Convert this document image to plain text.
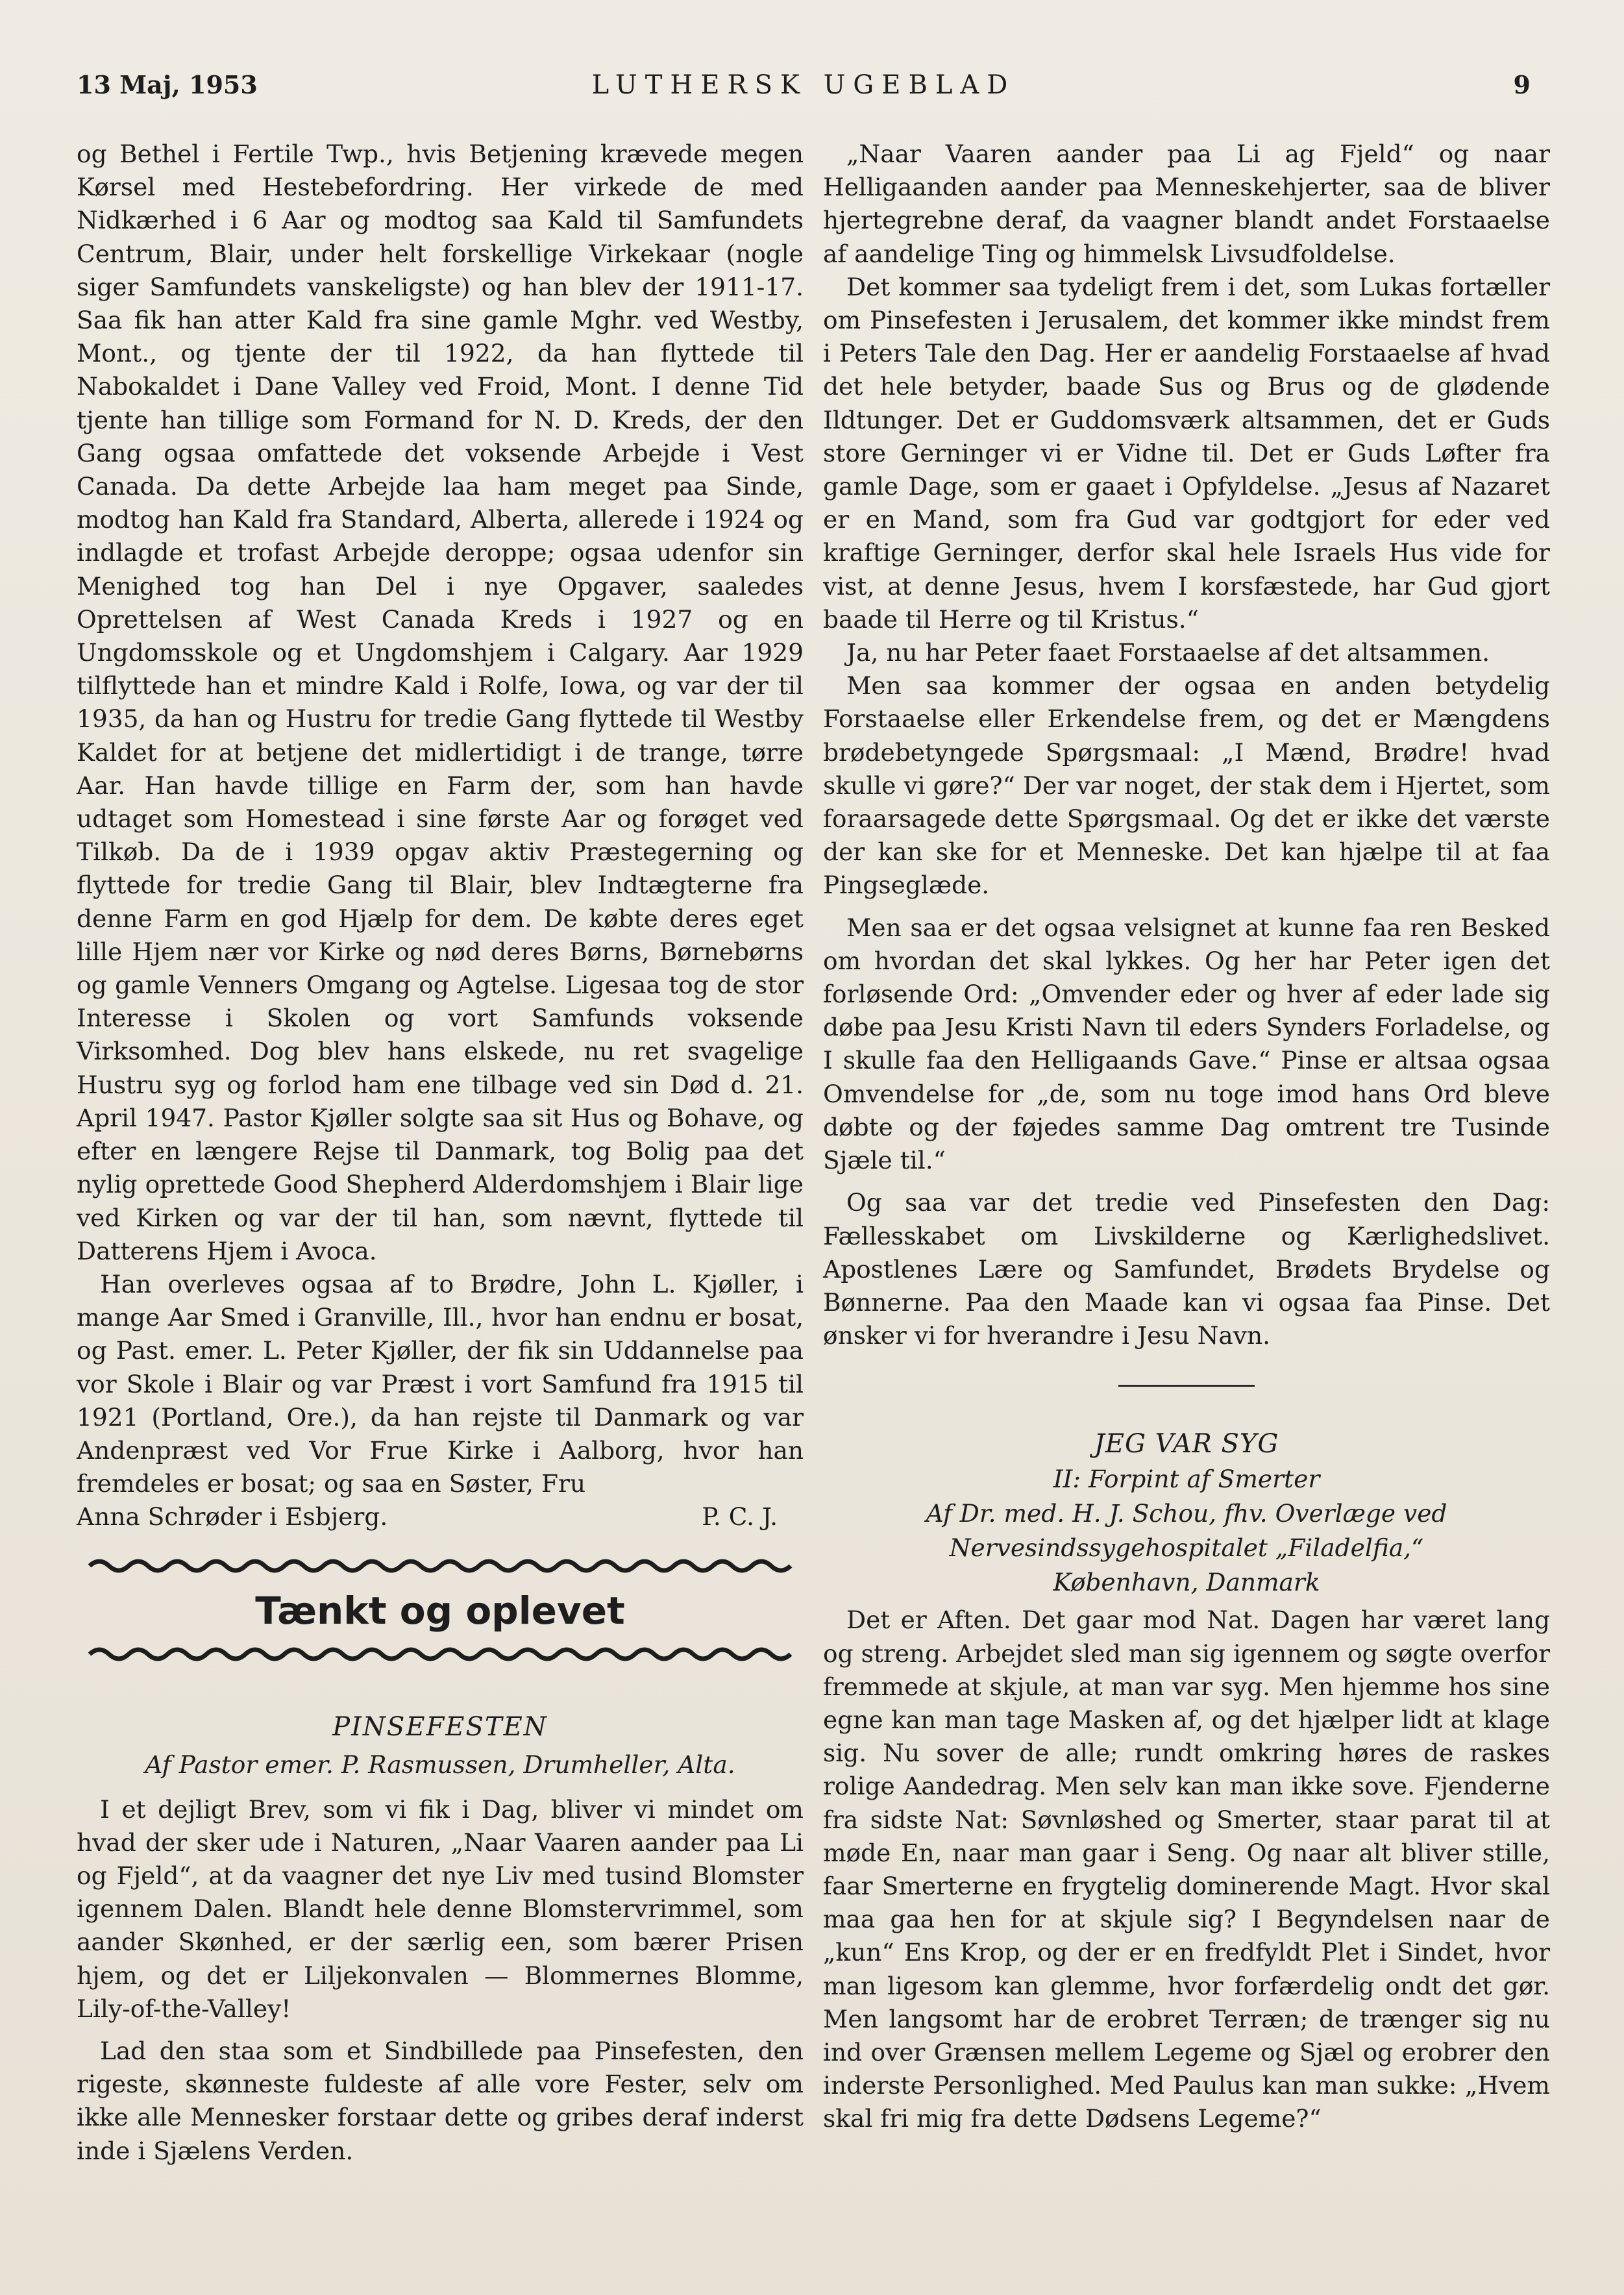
13 Maj, 1953	LUTHERSK UGEBLAD	9

og Bethel i Fertile Twp., hvis Betjening krævede megen Kørsel med Hestebefordring. Her virkede de med Nidkærhed i 6 Aar og modtog saa Kald til Samfundets Centrum, Blair, under helt forskellige Virkekaar (nogle siger Samfundets vanskeligste) og han blev der 1911-17. Saa fik han atter Kald fra sine gamle Mghr. ved Westby, Mont., og tjente der til 1922, da han flyttede til Nabokaldet i Dane Valley ved Froid, Mont. I denne Tid tjente han tillige som Formand for N. D. Kreds, der den Gang ogsaa omfattede det voksende Arbejde i Vest Canada. Da dette Arbejde laa ham meget paa Sinde, modtog han Kald fra Standard, Alberta, allerede i 1924 og indlagde et trofast Arbejde deroppe; ogsaa udenfor sin Menighed tog han Del i nye Opgaver, saaledes Oprettelsen af West Canada Kreds i 1927 og en Ungdomsskole og et Ungdomshjem i Calgary. Aar 1929 tilflyttede han et mindre Kald i Rolfe, Iowa, og var der til 1935, da han og Hustru for tredie Gang flyttede til Westby Kaldet for at betjene det midlertidigt i de trange, tørre Aar. Han havde tillige en Farm der, som han havde udtaget som Homestead i sine første Aar og forøget ved Tilkøb. Da de i 1939 opgav aktiv Præstegerning og flyttede for tredie Gang til Blair, blev Indtægterne fra denne Farm en god Hjælp for dem. De købte deres eget lille Hjem nær vor Kirke og nød deres Børns, Børnebørns og gamle Venners Omgang og Agtelse. Ligesaa tog de stor Interesse i Skolen og vort Samfunds voksende Virksomhed. Dog blev hans elskede, nu ret svagelige Hustru syg og forlod ham ene tilbage ved sin Død d. 21. April 1947. Pastor Kjøller solgte saa sit Hus og Bohave, og efter en længere Rejse til Danmark, tog Bolig paa det nylig oprettede Good Shepherd Alderdomshjem i Blair lige ved Kirken og var der til han, som nævnt, flyttede til Datterens Hjem i Avoca.

Han overleves ogsaa af to Brødre, John L. Kjøller, i mange Aar Smed i Granville, Ill., hvor han endnu er bosat, og Past. emer. L. Peter Kjøller, der fik sin Uddannelse paa vor Skole i Blair og var Præst i vort Samfund fra 1915 til 1921 (Portland, Ore.), da han rejste til Danmark og var Andenpræst ved Vor Frue Kirke i Aalborg, hvor han fremdeles er bosat; og saa en Søster, Fru

Anna Schrøder i Esbjerg.	P. C. J.
Tænkt og oplevet
PINSEFESTEN
Af Pastor emer. P. Rasmussen, Drumheller, Alta.

I et dejligt Brev, som vi fik i Dag, bliver vi mindet om hvad der sker ude i Naturen, „Naar Vaaren aander paa Li og Fjeld“, at da vaagner det nye Liv med tusind Blomster igennem Dalen. Blandt hele denne Blomstervrimmel, som aander Skønhed, er der særlig een, som bærer Prisen hjem, og det er Liljekonvalen — Blommernes Blomme, Lily-of-the-Valley!

Lad den staa som et Sindbillede paa Pinsefesten, den rigeste, skønneste fuldeste af alle vore Fester, selv om ikke alle Mennesker forstaar dette og gribes deraf inderst inde i Sjælens Verden.

„Naar Vaaren aander paa Li ag Fjeld“ og naar Helligaanden aander paa Menneskehjerter, saa de bliver hjertegrebne deraf, da vaagner blandt andet Forstaaelse af aandelige Ting og himmelsk Livsudfoldelse.

Det kommer saa tydeligt frem i det, som Lukas fortæller om Pinsefesten i Jerusalem, det kommer ikke mindst frem i Peters Tale den Dag. Her er aandelig Forstaaelse af hvad det hele betyder, baade Sus og Brus og de glødende Ildtunger. Det er Guddomsværk altsammen, det er Guds store Gerninger vi er Vidne til. Det er Guds Løfter fra gamle Dage, som er gaaet i Opfyldelse. „Jesus af Nazaret er en Mand, som fra Gud var godtgjort for eder ved kraftige Gerninger, derfor skal hele Israels Hus vide for vist, at denne Jesus, hvem I korsfæstede, har Gud gjort baade til Herre og til Kristus.“

Ja, nu har Peter faaet Forstaaelse af det altsammen.

Men saa kommer der ogsaa en anden betydelig Forstaaelse eller Erkendelse frem, og det er Mængdens brødebetyngede Spørgsmaal: „I Mænd, Brødre! hvad skulle vi gøre?“ Der var noget, der stak dem i Hjertet, som foraarsagede dette Spørgsmaal. Og det er ikke det værste der kan ske for et Menneske. Det kan hjælpe til at faa Pingseglæde.

Men saa er det ogsaa velsignet at kunne faa ren Besked om hvordan det skal lykkes. Og her har Peter igen det forløsende Ord: „Omvender eder og hver af eder lade sig døbe paa Jesu Kristi Navn til eders Synders Forladelse, og I skulle faa den Helligaands Gave.“ Pinse er altsaa ogsaa Omvendelse for „de, som nu toge imod hans Ord bleve døbte og der føjedes samme Dag omtrent tre Tusinde Sjæle til.“

Og saa var det tredie ved Pinsefesten den Dag: Fællesskabet om Livskilderne og Kærlighedslivet. Apostlenes Lære og Samfundet, Brødets Brydelse og Bønnerne. Paa den Maade kan vi ogsaa faa Pinse. Det ønsker vi for hverandre i Jesu Navn.

JEG VAR SYG
II: Forpint af Smerter
Af Dr. med. H. J. Schou, fhv. Overlæge ved
Nervesindssygehospitalet „Filadelfia,“
København, Danmark

Det er Aften. Det gaar mod Nat. Dagen har været lang og streng. Arbejdet sled man sig igennem og søgte overfor fremmede at skjule, at man var syg. Men hjemme hos sine egne kan man tage Masken af, og det hjælper lidt at klage sig. Nu sover de alle; rundt omkring høres de raskes rolige Aandedrag. Men selv kan man ikke sove. Fjenderne fra sidste Nat: Søvnløshed og Smerter, staar parat til at møde En, naar man gaar i Seng. Og naar alt bliver stille, faar Smerterne en frygtelig dominerende Magt. Hvor skal maa gaa hen for at skjule sig? I Begyndelsen naar de „kun“ Ens Krop, og der er en fredfyldt Plet i Sindet, hvor man ligesom kan glemme, hvor forfærdelig ondt det gør. Men langsomt har de erobret Terræn; de trænger sig nu ind over Grænsen mellem Legeme og Sjæl og erobrer den inderste Personlighed. Med Paulus kan man sukke: „Hvem skal fri mig fra dette Dødsens Legeme?“
